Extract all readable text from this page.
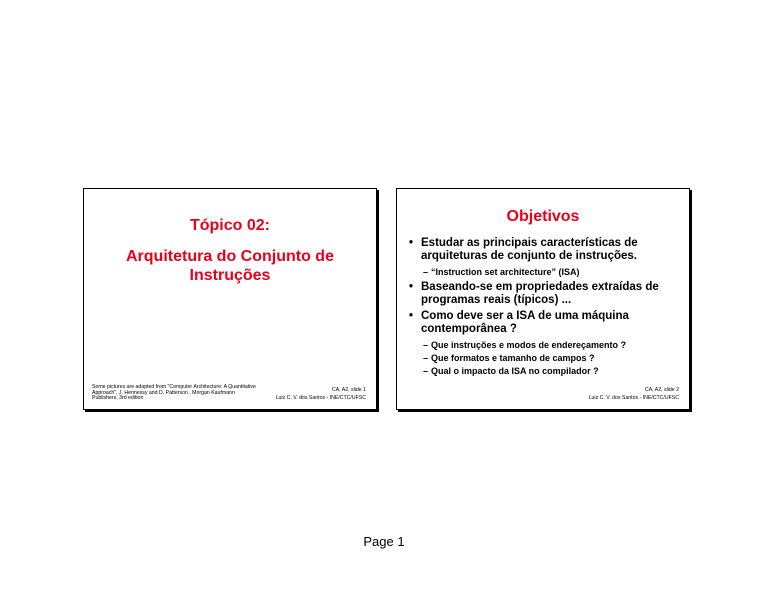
Tópico 02:
Arquitetura do Conjunto de Instruções
Some pictures are adapted from "Computer Architecture: A Quantitative Approach", J. Hennessy and D. Patterson , Morgan Kaufmann Publishers, 3rd edition
CA, A2, slide 1
Luiz C. V. dos Santos - INE/CTC/UFSC
Objetivos
• Estudar as principais características de arquiteturas de conjunto de instruções.
– “Instruction set architecture” (ISA)
• Baseando-se em propriedades extraídas de programas reais (típicos) ...
• Como deve ser a ISA de uma máquina contemporânea ?
– Que instruções e modos de endereçamento ?
– Que formatos e tamanho de campos ?
– Qual o impacto da ISA no compilador ?
CA, A2, slide 2
Luiz C. V. dos Santos - INE/CTC/UFSC
Page 1
